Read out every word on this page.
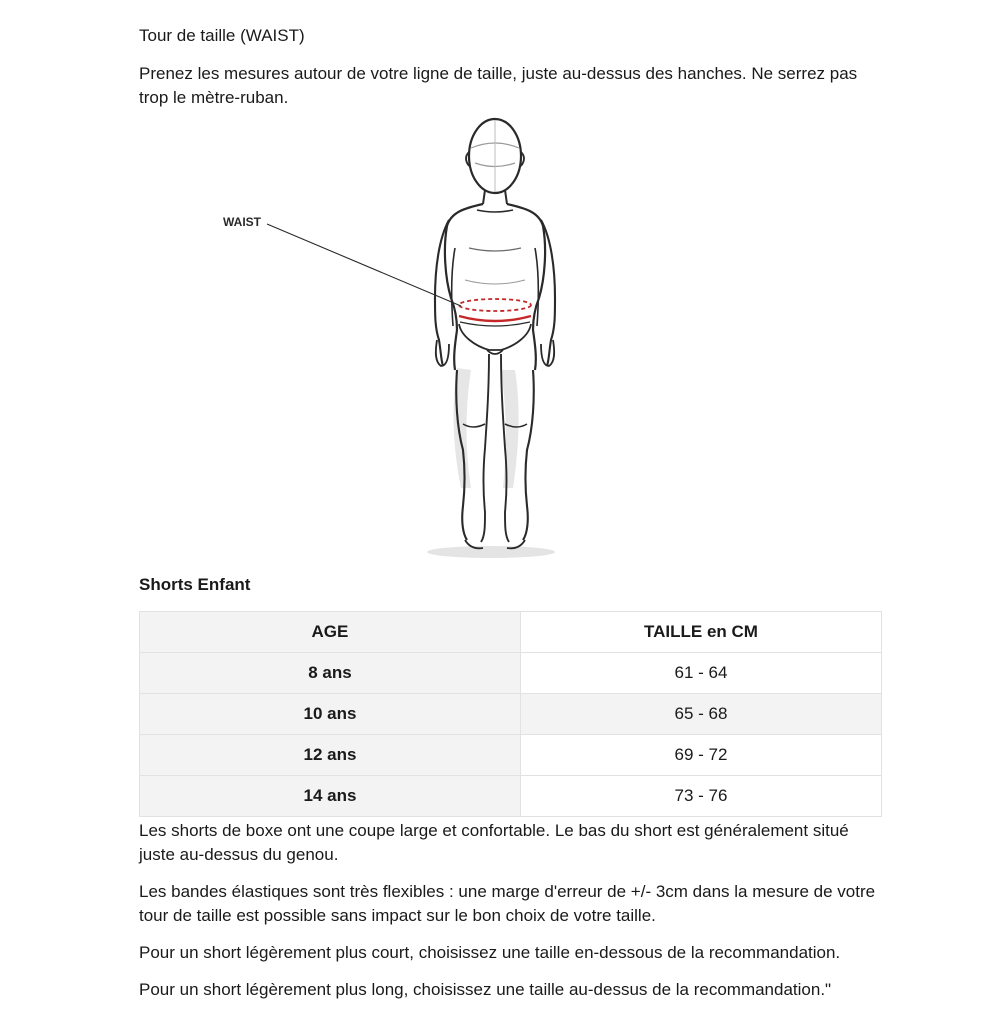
Tour de taille (WAIST)

Prenez les mesures autour de votre ligne de taille, juste au-dessus des hanches. Ne serrez pas trop le mètre-ruban.

WAIST
Shorts Enfant
AGE	TAILLE en CM
8 ans	61 - 64
10 ans	65 - 68
12 ans	69 - 72
14 ans	73 - 76

Les shorts de boxe ont une coupe large et confortable. Le bas du short est généralement situé juste au-dessus du genou.

Les bandes élastiques sont très flexibles : une marge d'erreur de +/- 3cm dans la mesure de votre tour de taille est possible sans impact sur le bon choix de votre taille.

Pour un short légèrement plus court, choisissez une taille en-dessous de la recommandation.

Pour un short légèrement plus long, choisissez une taille au-dessus de la recommandation."
